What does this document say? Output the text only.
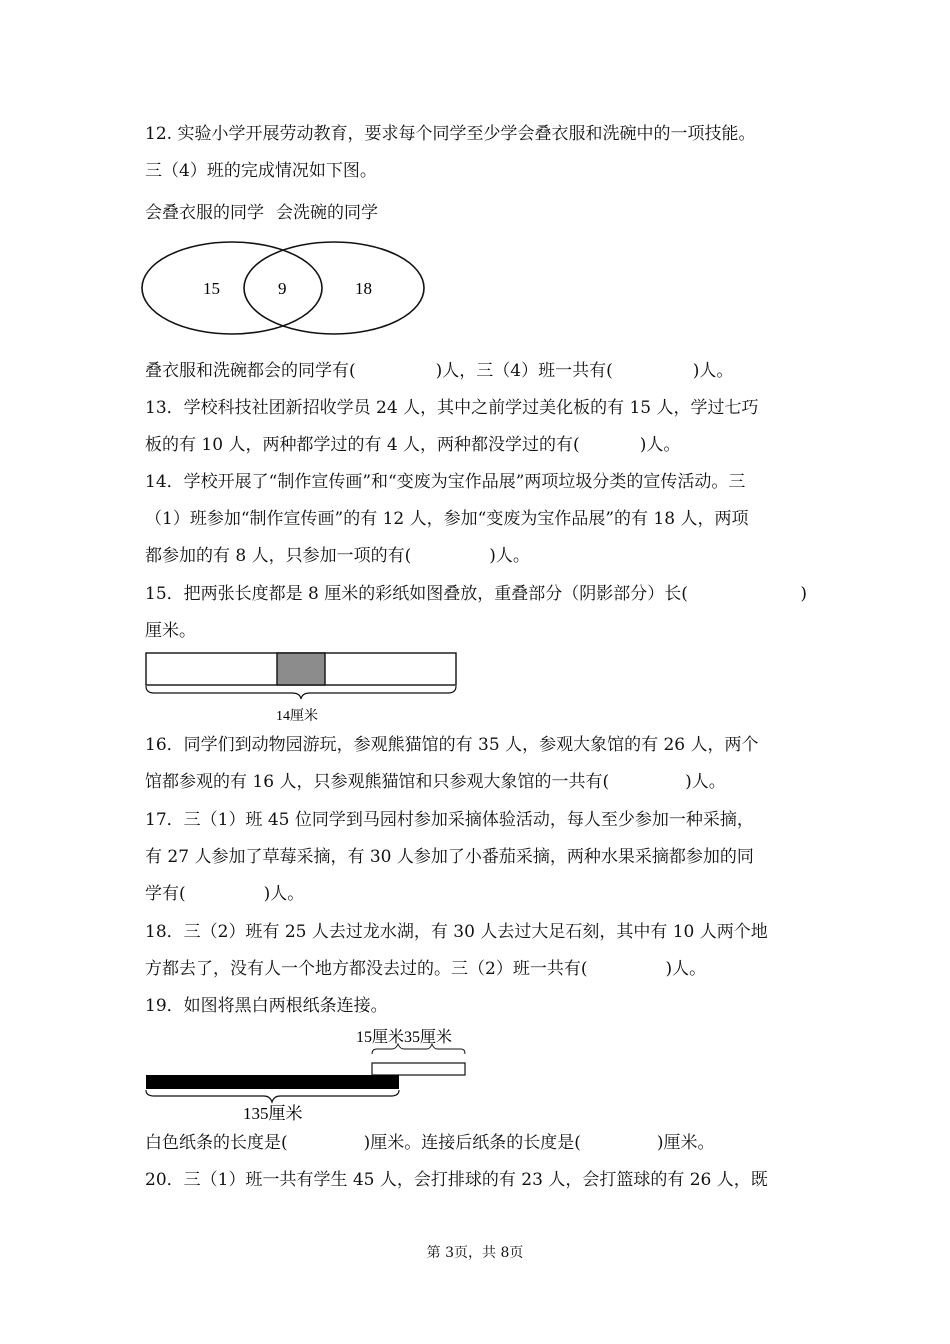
12. 实验小学开展劳动教育，要求每个同学至少学会叠衣服和洗碗中的一项技能。
三（4）班的完成情况如下图。
会叠衣服的同学 会洗碗的同学
15	9	18
叠衣服和洗碗都会的同学有(	)人，三（4）班一共有(	)人。
13．学校科技社团新招收学员 24 人，其中之前学过美化板的有 15 人，学过七巧
板的有 10 人，两种都学过的有 4 人，两种都没学过的有(	)人。
14．学校开展了“制作宣传画”和“变废为宝作品展”两项垃圾分类的宣传活动。三
（1）班参加“制作宣传画”的有 12 人，参加“变废为宝作品展”的有 18 人，两项
都参加的有 8 人，只参加一项的有(	)人。
15．把两张长度都是 8 厘米的彩纸如图叠放，重叠部分（阴影部分）长(	)
厘米。
14厘米
16．同学们到动物园游玩，参观熊猫馆的有 35 人，参观大象馆的有 26 人，两个
馆都参观的有 16 人，只参观熊猫馆和只参观大象馆的一共有(	)人。
17．三（1）班 45 位同学到马园村参加采摘体验活动，每人至少参加一种采摘，
有 27 人参加了草莓采摘，有 30 人参加了小番茄采摘，两种水果采摘都参加的同
学有(	)人。
18．三（2）班有 25 人去过龙水湖，有 30 人去过大足石刻，其中有 10 人两个地
方都去了，没有人一个地方都没去过的。三（2）班一共有(	)人。
19．如图将黑白两根纸条连接。
15厘米35厘米
135厘米
白色纸条的长度是(	)厘米。连接后纸条的长度是(	)厘米。
20．三（1）班一共有学生 45 人，会打排球的有 23 人，会打篮球的有 26 人，既
第 3页，共 8页
